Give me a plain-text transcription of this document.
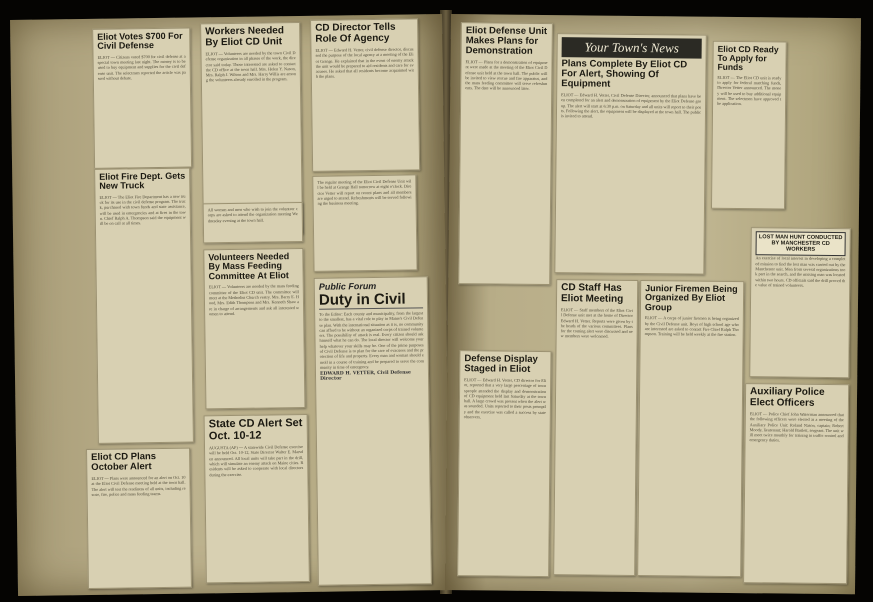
Eliot Votes $700 For Civil Defense
ELIOT — Citizens voted $700 for civil defense at a special town meeting last night. The money is to be used to buy equipment and supplies for the civil defense unit. The selectmen reported the article was passed without debate.
Workers Needed By Eliot CD Unit
ELIOT — Volunteers are needed by the town Civil Defense organization in all phases of the work, the director said today. Those interested are asked to contact the CD office at the town hall. Mrs. Helen Y. Nason, Mrs. Ralph J. Wilson and Mrs. Harry Willis are among the volunteers already enrolled in the program.
CD Director Tells Role Of Agency
ELIOT — Edward H. Vetter, civil defense director, discussed the purpose of the local agency at a meeting of the Eliot Grange. He explained that in the event of enemy attack the unit would be prepared to aid residents and care for evacuees. He asked that all residents become acquainted with the plans.
Eliot Fire Dept. Gets New Truck
ELIOT — The Eliot Fire Department has a new truck for its use in the civil defense program. The truck, purchased with town funds and state assistance, will be used in emergencies and at fires in the town. Chief Ralph A. Thompson said the equipment will be on call at all times.
The regular meeting of the Eliot Civil Defense Unit will be held at Grange Hall tomorrow at eight o'clock. Director Vetter will report on recent plans and all members are urged to attend. Refreshments will be served following the business meeting.
All women and men who wish to join the volunteer corps are asked to attend the organization meeting Wednesday evening at the town hall.
Volunteers Needed By Mass Feeding Committee At Eliot
ELIOT — Volunteers are needed by the mass feeding committee of the Eliot CD unit. The committee will meet at the Methodist Church vestry. Mrs. Barry E. Hood, Mrs. Edith Thompson and Mrs. Kenneth Shaw are in charge of arrangements and ask all interested women to attend.
Public Forum
Duty in Civil
To the Editor: Each county and municipality, from the largest to the smallest, has a vital role to play in Maine's Civil Defense plan. With the international situation as it is, no community can afford to be without an organized corps of trained volunteers. The possibility of attack is real. Every citizen should ask himself what he can do. The local director will welcome your help whatever your skills may be. One of the prime purposes of Civil Defense is to plan for the care of evacuees and the protection of life and property. Every man and woman should enroll in a course of training and be prepared to serve the community in time of emergency.
EDWARD H. VETTER, Civil Defense Director
Eliot CD Plans October Alert
ELIOT — Plans were announced for an alert on Oct. 10 at the Eliot Civil Defense meeting held at the town hall. The alert will test the readiness of all units, including rescue, fire, police and mass feeding teams.
State CD Alert Set Oct. 10-12
AUGUSTA (AP) — A statewide Civil Defense exercise will be held Oct. 10-12, State Director Walter E. Marsden announced. All local units will take part in the drill, which will simulate an enemy attack on Maine cities. Residents will be asked to cooperate with local directors during the exercise.
Eliot Defense Unit Makes Plans for Demonstration
ELIOT — Plans for a demonstration of equipment were made at the meeting of the Eliot Civil Defense unit held at the town hall. The public will be invited to view rescue and fire apparatus, and the mass feeding committee will serve refreshments. The date will be announced later.
Your Town's News
Plans Complete By Eliot CD For Alert, Showing Of Equipment
ELIOT — Edward H. Vetter, Civil Defense Director, announced that plans have been completed for an alert and demonstration of equipment by the Eliot Defense group. The alert will start at 6:30 p.m. on Saturday and all units will report to their posts. Following the alert, the equipment will be displayed at the town hall. The public is invited to attend.
Eliot CD Ready To Apply for Funds
ELIOT — The Eliot CD unit is ready to apply for federal matching funds, Director Vetter announced. The money will be used to buy additional equipment. The selectmen have approved the application.
CD Staff Has Eliot Meeting
ELIOT — Staff members of the Eliot Civil Defense unit met at the home of Director Edward H. Vetter. Reports were given by the heads of the various committees. Plans for the coming alert were discussed and new members were welcomed.
Junior Firemen Being Organized By Eliot Group
ELIOT — A corps of junior firemen is being organized by the Civil Defense unit. Boys of high school age who are interested are asked to contact Fire Chief Ralph Thompson. Training will be held weekly at the fire station.
Defense Display Staged in Eliot
ELIOT — Edward H. Vetter, CD director for Eliot, reported that a very large percentage of townspeople attended the display and demonstration of CD equipment held last Saturday at the town hall. A large crowd was present when the alert was sounded. Units reported to their posts promptly and the exercise was called a success by state observers.
LOST MAN HUNT CONDUCTED BY MANCHESTER CD WORKERS
An exercise of local interest in developing a completed mission to find the lost man was carried out by the Manchester unit. Men from several organizations took part in the search, and the missing man was located within two hours. CD officials said the drill proved the value of trained volunteers.
Auxiliary Police Elect Officers
ELIOT — Police Chief John Waterman announced that the following officers were elected at a meeting of the Auxiliary Police Unit: Roland Nason, captain; Robert Moody, lieutenant; Harold Bartlett, sergeant. The unit will meet twice monthly for training in traffic control and emergency duties.
